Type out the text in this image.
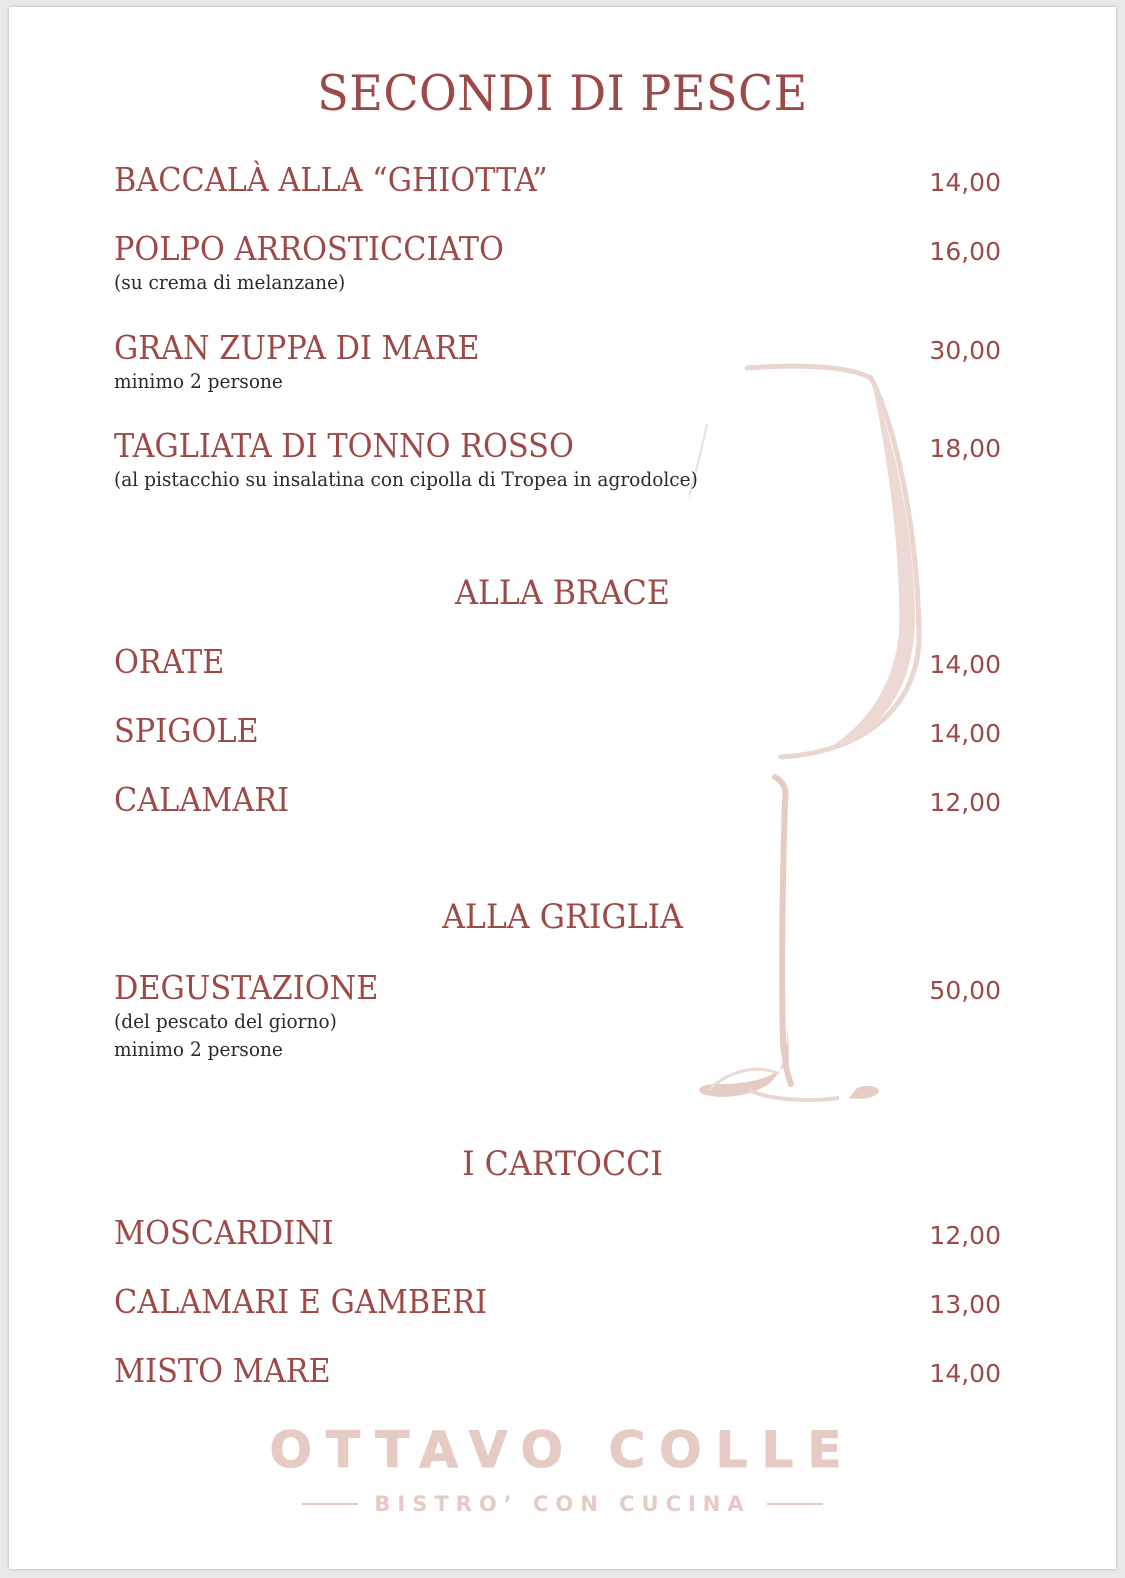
SECONDI DI PESCE
BACCALÀ ALLA “GHIOTTA”	14,00
POLPO ARROSTICCIATO	16,00
(su crema di melanzane)
GRAN ZUPPA DI MARE	30,00
minimo 2 persone
TAGLIATA DI TONNO ROSSO	18,00
(al pistacchio su insalatina con cipolla di Tropea in agrodolce)
ALLA BRACE
ORATE	14,00
SPIGOLE	14,00
CALAMARI	12,00
ALLA GRIGLIA
DEGUSTAZIONE	50,00
(del pescato del giorno)
minimo 2 persone
I CARTOCCI
MOSCARDINI	12,00
CALAMARI E GAMBERI	13,00
MISTO MARE	14,00
OTTAVO COLLE
BISTRO’ CON CUCINA
